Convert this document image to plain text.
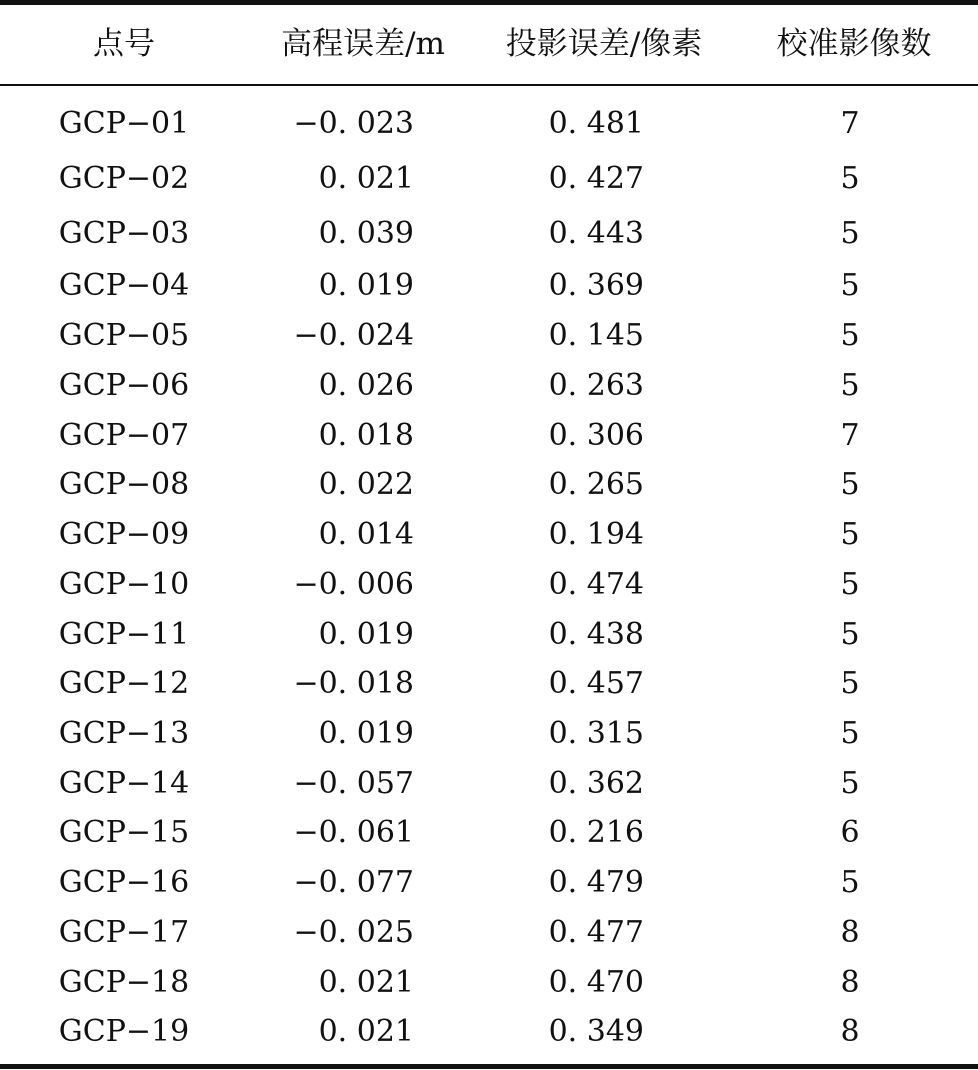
点号	高程误差/m	投影误差/像素	校准影像数
GCP−01	−0. 023	0. 481	7
GCP−02	0. 021	0. 427	5
GCP−03	0. 039	0. 443	5
GCP−04	0. 019	0. 369	5
GCP−05	−0. 024	0. 145	5
GCP−06	0. 026	0. 263	5
GCP−07	0. 018	0. 306	7
GCP−08	0. 022	0. 265	5
GCP−09	0. 014	0. 194	5
GCP−10	−0. 006	0. 474	5
GCP−11	0. 019	0. 438	5
GCP−12	−0. 018	0. 457	5
GCP−13	0. 019	0. 315	5
GCP−14	−0. 057	0. 362	5
GCP−15	−0. 061	0. 216	6
GCP−16	−0. 077	0. 479	5
GCP−17	−0. 025	0. 477	8
GCP−18	0. 021	0. 470	8
GCP−19	0. 021	0. 349	8
